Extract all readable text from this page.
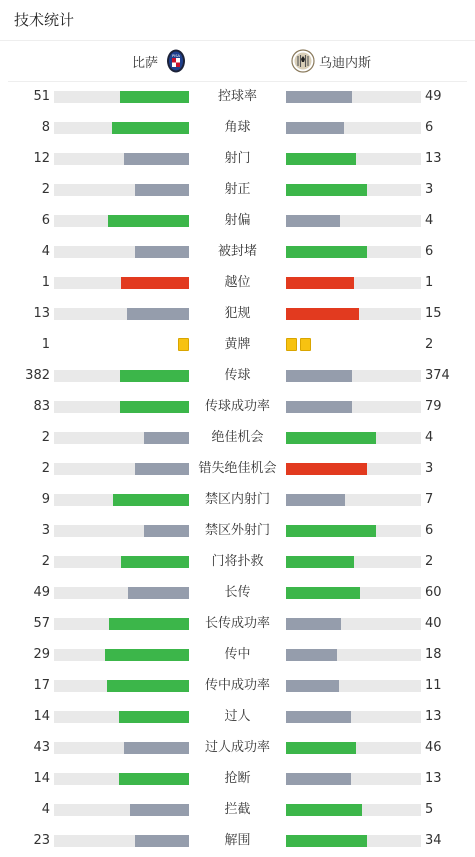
技术统计
比萨	PISA	乌迪内斯
51	控球率	49
8	角球	6
12	射门	13
2	射正	3
6	射偏	4
4	被封堵	6
1	越位	1
13	犯规	15
1	黄牌	2
382	传球	374
83	传球成功率	79
2	绝佳机会	4
2	错失绝佳机会	3
9	禁区内射门	7
3	禁区外射门	6
2	门将扑救	2
49	长传	60
57	长传成功率	40
29	传中	18
17	传中成功率	11
14	过人	13
43	过人成功率	46
14	抢断	13
4	拦截	5
23	解围	34
